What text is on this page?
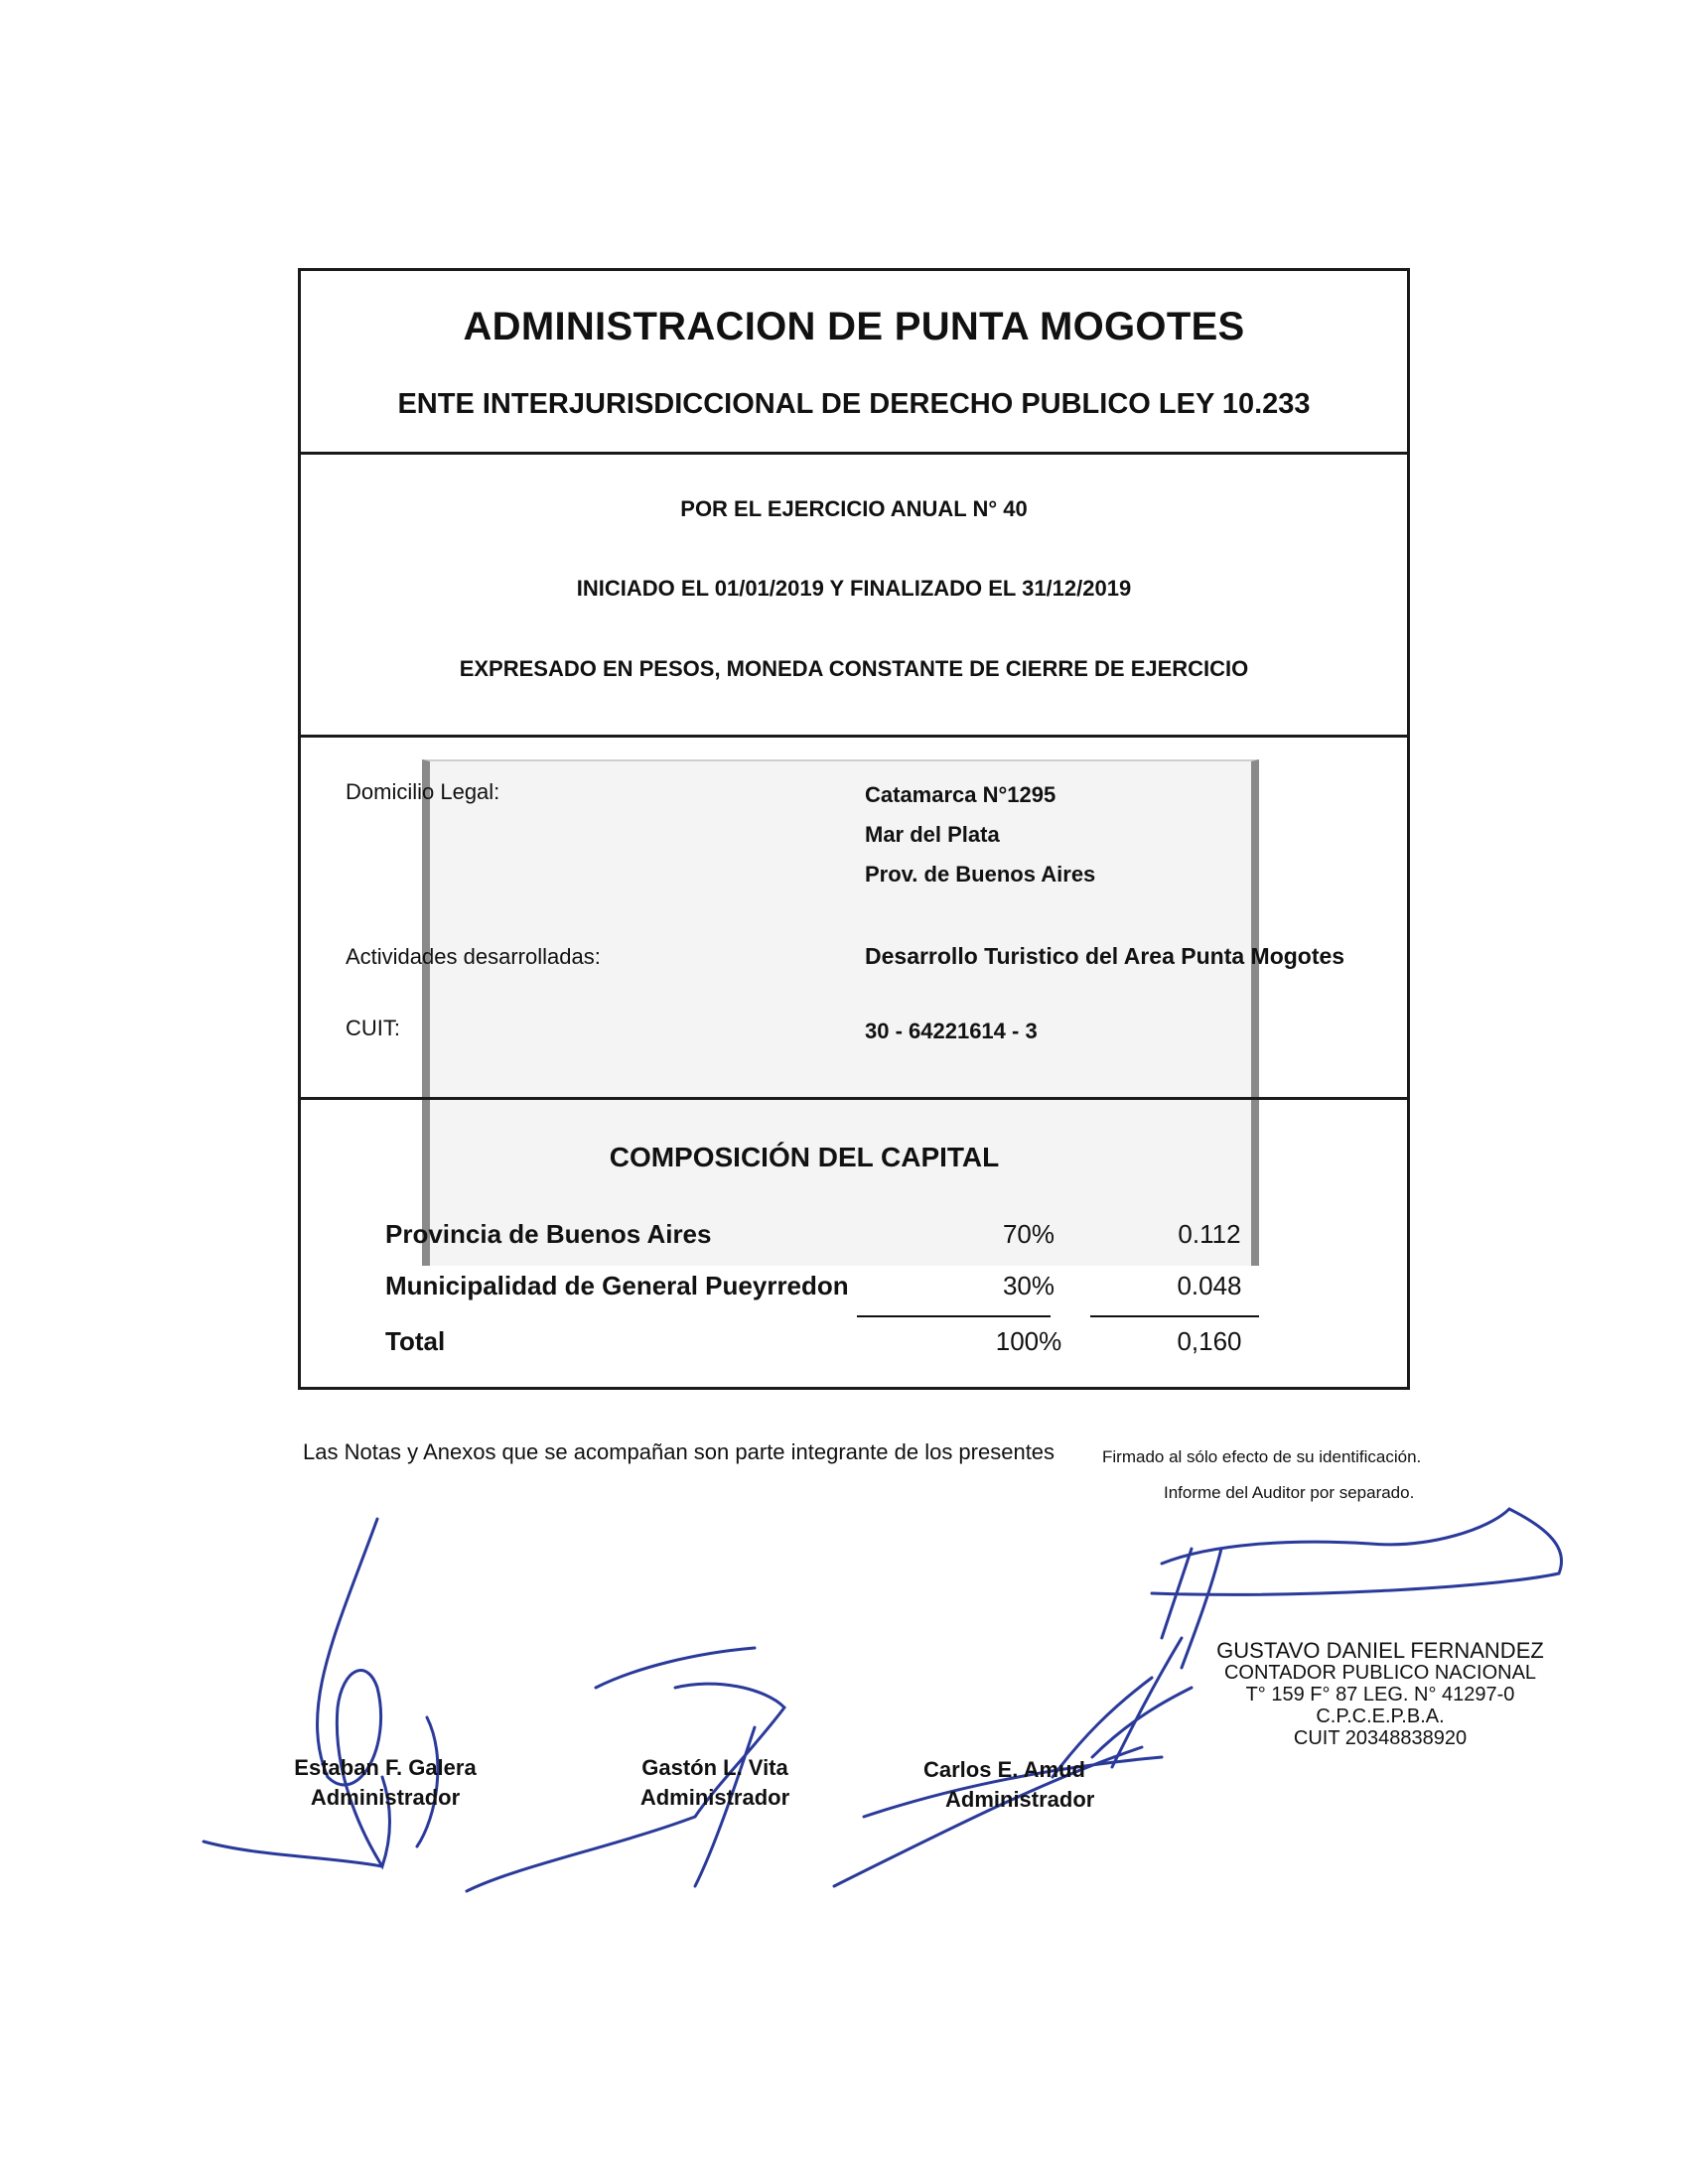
ADMINISTRACION DE PUNTA MOGOTES
ENTE INTERJURISDICCIONAL DE DERECHO PUBLICO LEY 10.233
POR EL EJERCICIO ANUAL N° 40
INICIADO EL 01/01/2019 Y FINALIZADO EL 31/12/2019
EXPRESADO EN PESOS, MONEDA CONSTANTE DE CIERRE DE EJERCICIO
Domicilio Legal:	Catamarca N°1295
Mar del Plata
Prov. de Buenos Aires
Actividades desarrolladas:	Desarrollo Turistico del Area Punta Mogotes
CUIT:	30 - 64221614 - 3
COMPOSICIÓN DEL CAPITAL
Provincia de Buenos Aires	70%	0.112
Municipalidad de General Pueyrredon	30%	0.048
Total	100%	0,160
Las Notas y Anexos que se acompañan son parte integrante de los presentes	Firmado al sólo efecto de su identificación.
Informe del Auditor por separado.
Estaban F. Galera
Administrador
Gastón L. Vita
Administrador
Carlos E. Amud
Administrador
GUSTAVO DANIEL FERNANDEZ
CONTADOR PUBLICO NACIONAL
T° 159 F° 87 LEG. N° 41297-0
C.P.C.E.P.B.A.
CUIT 20348838920
